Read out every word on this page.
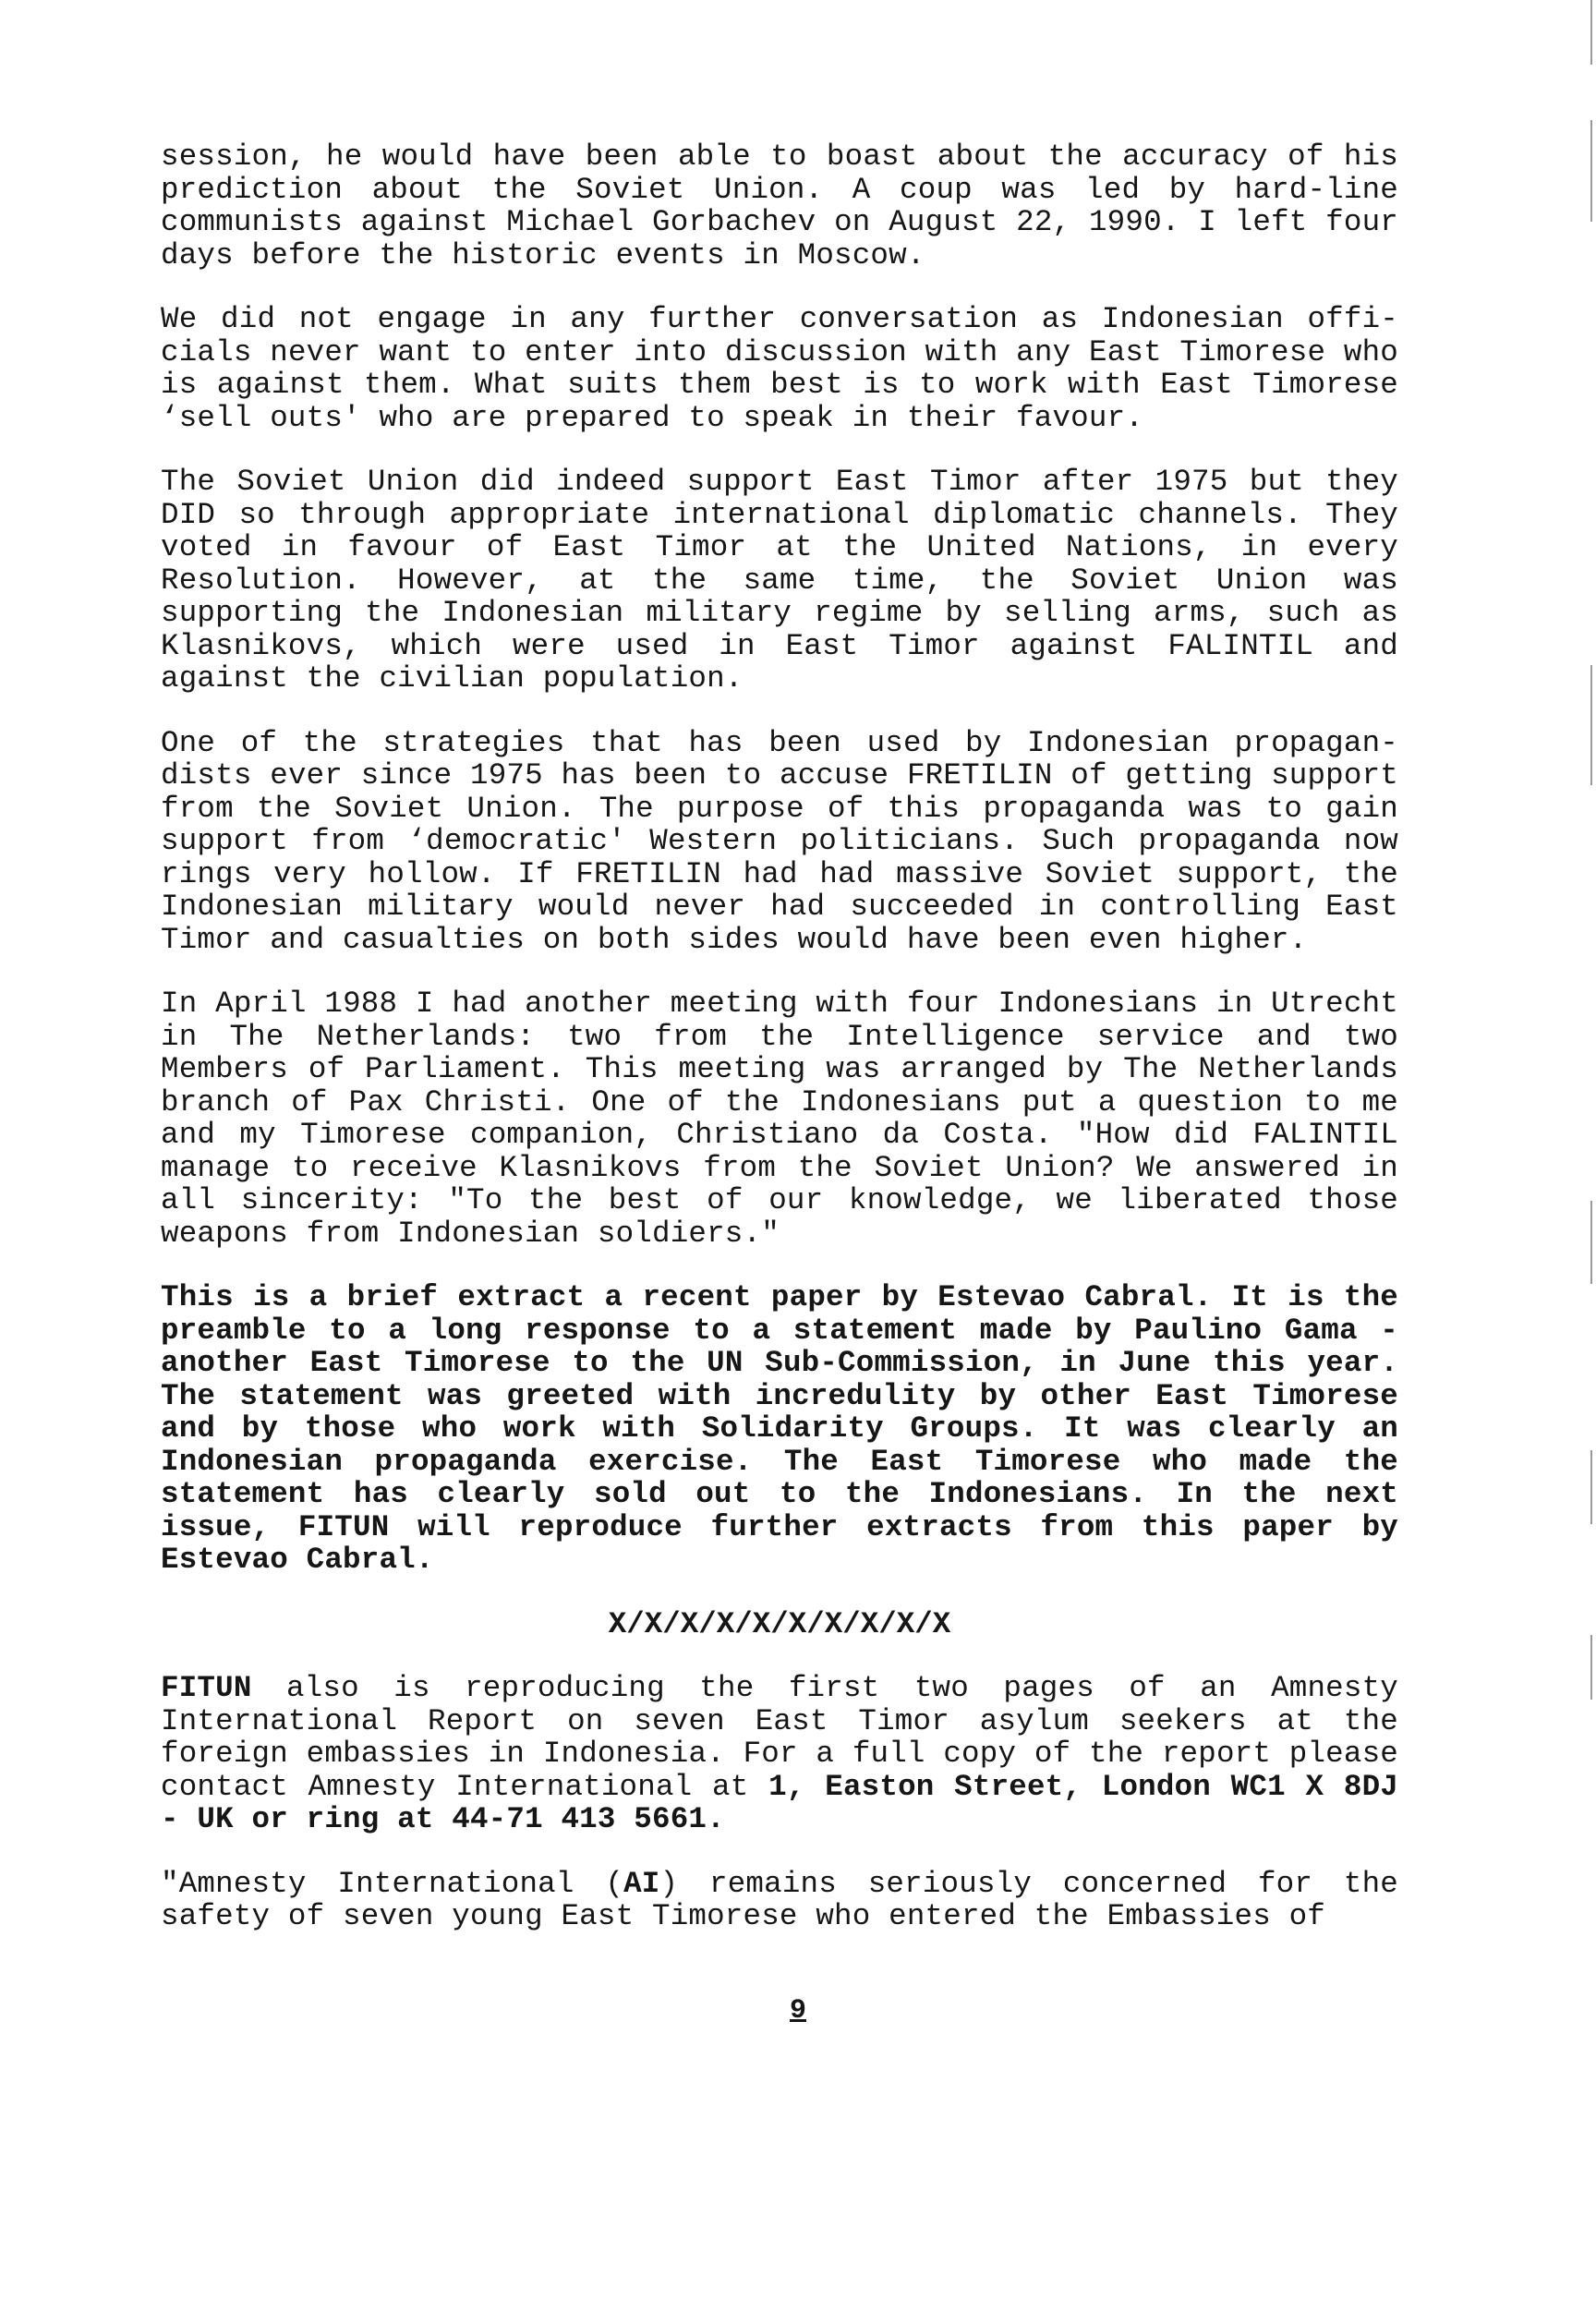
session, he would have been able to boast about the accuracy of his prediction about the Soviet Union. A coup was led by hard-line communists against Michael Gorbachev on August 22, 1990. I left four days before the historic events in Moscow.

We did not engage in any further conversation as Indonesian offi-cials never want to enter into discussion with any East Timorese who is against them. What suits them best is to work with East Timorese ‘sell outs' who are prepared to speak in their favour.

The Soviet Union did indeed support East Timor after 1975 but they DID so through appropriate international diplomatic channels. They voted in favour of East Timor at the United Nations, in every Resolution. However, at the same time, the Soviet Union was supporting the Indonesian military regime by selling arms, such as Klasnikovs, which were used in East Timor against FALINTIL and against the civilian population.

One of the strategies that has been used by Indonesian propagan-dists ever since 1975 has been to accuse FRETILIN of getting support from the Soviet Union. The purpose of this propaganda was to gain support from ‘democratic' Western politicians. Such propaganda now rings very hollow. If FRETILIN had had massive Soviet support, the Indonesian military would never had succeeded in controlling East Timor and casualties on both sides would have been even higher.

In April 1988 I had another meeting with four Indonesians in Utrecht in The Netherlands: two from the Intelligence service and two Members of Parliament. This meeting was arranged by The Netherlands branch of Pax Christi. One of the Indonesians put a question to me and my Timorese companion, Christiano da Costa. "How did FALINTIL manage to receive Klasnikovs from the Soviet Union? We answered in all sincerity: "To the best of our knowledge, we liberated those weapons from Indonesian soldiers."

This is a brief extract a recent paper by Estevao Cabral. It is the preamble to a long response to a statement made by Paulino Gama - another East Timorese to the UN Sub-Commission, in June this year. The statement was greeted with incredulity by other East Timorese and by those who work with Solidarity Groups. It was clearly an Indonesian propaganda exercise. The East Timorese who made the statement has clearly sold out to the Indonesians. In the next issue, FITUN will reproduce further extracts from this paper by Estevao Cabral.

X/X/X/X/X/X/X/X/X/X

FITUN also is reproducing the first two pages of an Amnesty International Report on seven East Timor asylum seekers at the foreign embassies in Indonesia. For a full copy of the report please contact Amnesty International at 1, Easton Street, London WC1 X 8DJ - UK or ring at 44-71 413 5661.

"Amnesty International (AI) remains seriously concerned for the safety of seven young East Timorese who entered the Embassies of

9
